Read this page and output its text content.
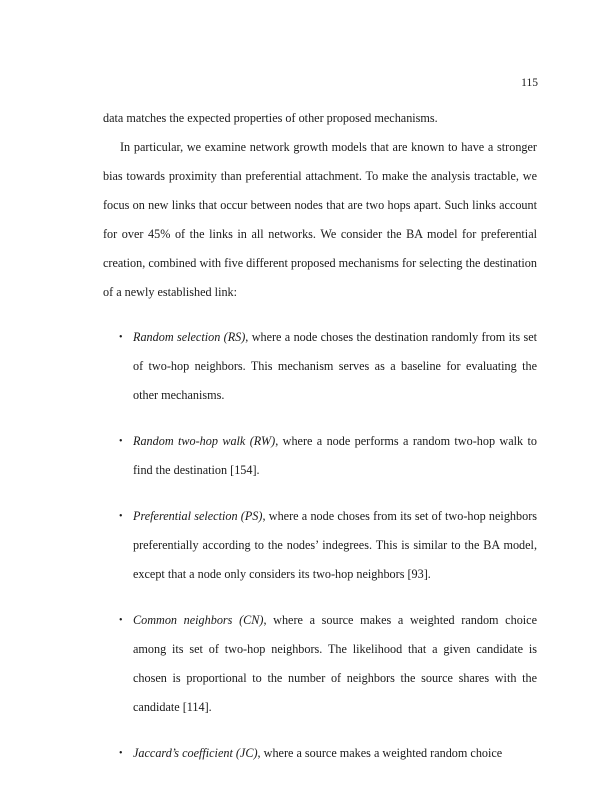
115

data matches the expected properties of other proposed mechanisms.

In particular, we examine network growth models that are known to have a stronger bias towards proximity than preferential attachment. To make the analysis tractable, we focus on new links that occur between nodes that are two hops apart. Such links account for over 45% of the links in all networks. We consider the BA model for preferential creation, combined with five different proposed mechanisms for selecting the destination of a newly established link:

• Random selection (RS), where a node choses the destination randomly from its set of two-hop neighbors. This mechanism serves as a baseline for evaluating the other mechanisms.
• Random two-hop walk (RW), where a node performs a random two-hop walk to find the destination [154].
• Preferential selection (PS), where a node choses from its set of two-hop neighbors preferentially according to the nodes’ indegrees. This is similar to the BA model, except that a node only considers its two-hop neighbors [93].
• Common neighbors (CN), where a source makes a weighted random choice among its set of two-hop neighbors. The likelihood that a given candidate is chosen is proportional to the number of neighbors the source shares with the candidate [114].
• Jaccard’s coefficient (JC), where a source makes a weighted random choice
